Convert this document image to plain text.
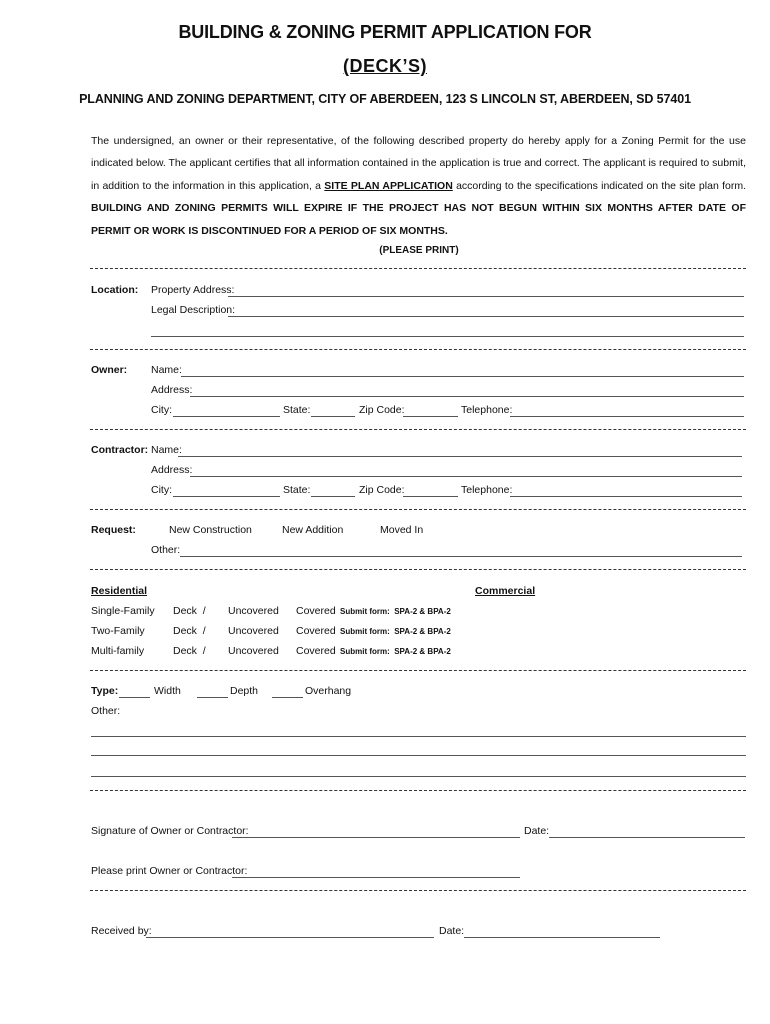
BUILDING & ZONING PERMIT APPLICATION FOR
(DECK’S)
PLANNING AND ZONING DEPARTMENT, CITY OF ABERDEEN, 123 S LINCOLN ST, ABERDEEN, SD 57401
The undersigned, an owner or their representative, of the following described property do hereby apply for a Zoning Permit for the use indicated below. The applicant certifies that all information contained in the application is true and correct. The applicant is required to submit, in addition to the information in this application, a SITE PLAN APPLICATION according to the specifications indicated on the site plan form. BUILDING AND ZONING PERMITS WILL EXPIRE IF THE PROJECT HAS NOT BEGUN WITHIN SIX MONTHS AFTER DATE OF PERMIT OR WORK IS DISCONTINUED FOR A PERIOD OF SIX MONTHS.
(PLEASE PRINT)
Location: Property Address:
Legal Description:
Owner: Name:
Address:
City:	State:	Zip Code:	Telephone:
Contractor: Name:
Address:
City:	State:	Zip Code:	Telephone:
Request:	New Construction	New Addition	Moved In
Other:
Residential	Commercial
Single-Family Deck  / Uncovered Covered Submit form:  SPA-2 & BPA-2
Two-Family	Deck  / Uncovered Covered Submit form:  SPA-2 & BPA-2
Multi-family	Deck  / Uncovered Covered Submit form:  SPA-2 & BPA-2
Type:	Width	Depth	Overhang
Other:
Signature of Owner or Contractor:	Date:
Please print Owner or Contractor:
Received by:	Date:
